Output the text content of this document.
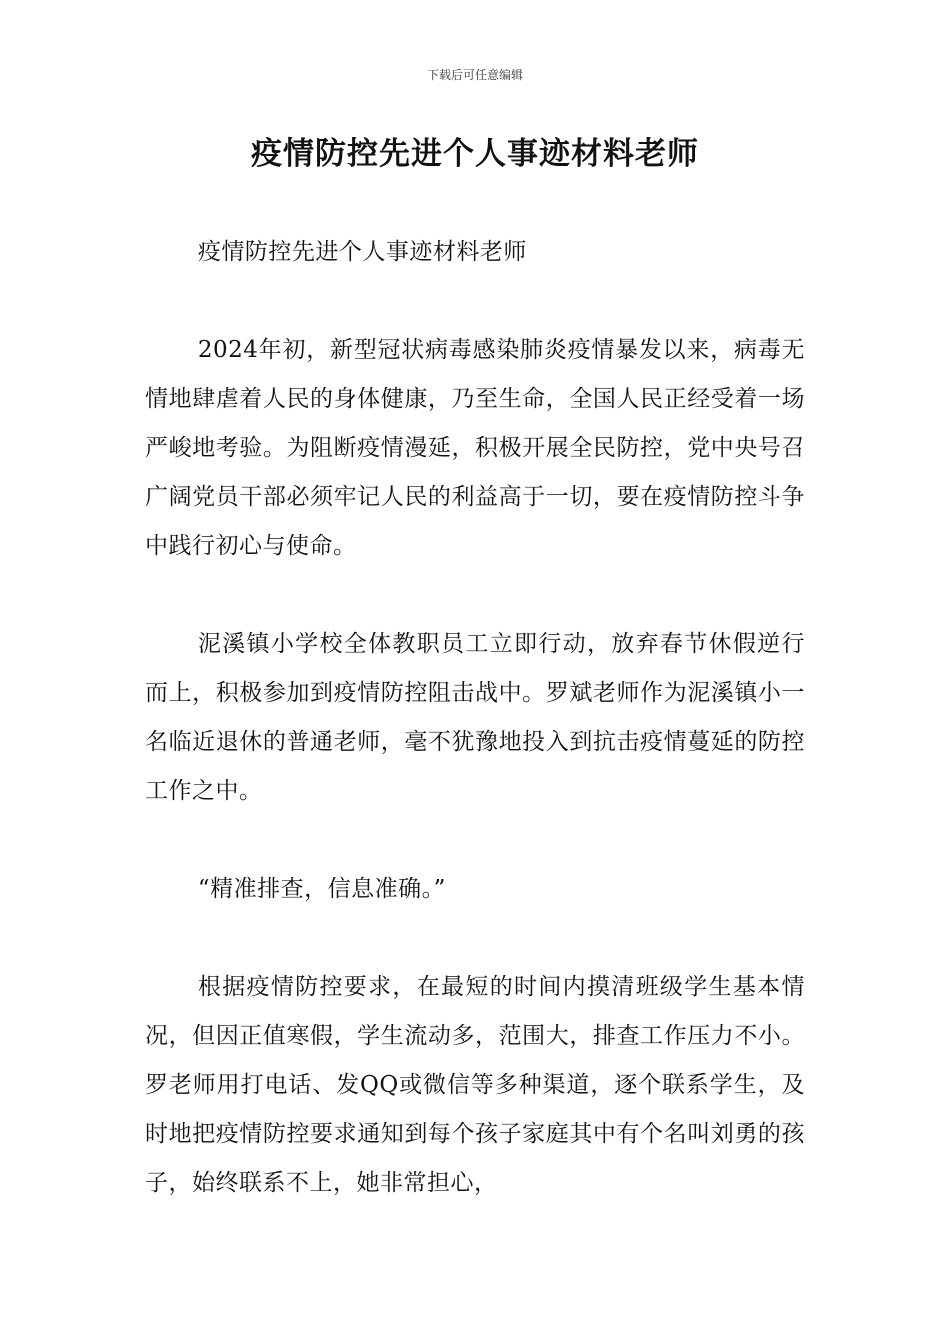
下载后可任意编辑
疫情防控先进个人事迹材料老师

疫情防控先进个人事迹材料老师

2024年初，新型冠状病毒感染肺炎疫情暴发以来，病毒无情地肆虐着人民的身体健康，乃至生命，全国人民正经受着一场严峻地考验。为阻断疫情漫延，积极开展全民防控，党中央号召广阔党员干部必须牢记人民的利益高于一切，要在疫情防控斗争中践行初心与使命。

泥溪镇小学校全体教职员工立即行动，放弃春节休假逆行而上，积极参加到疫情防控阻击战中。罗斌老师作为泥溪镇小一名临近退休的普通老师，毫不犹豫地投入到抗击疫情蔓延的防控工作之中。

“精准排查，信息准确。”

根据疫情防控要求，在最短的时间内摸清班级学生基本情况，但因正值寒假，学生流动多，范围大，排查工作压力不小。罗老师用打电话、发QQ或微信等多种渠道，逐个联系学生，及时地把疫情防控要求通知到每个孩子家庭其中有个名叫刘勇的孩子，始终联系不上，她非常担心，
